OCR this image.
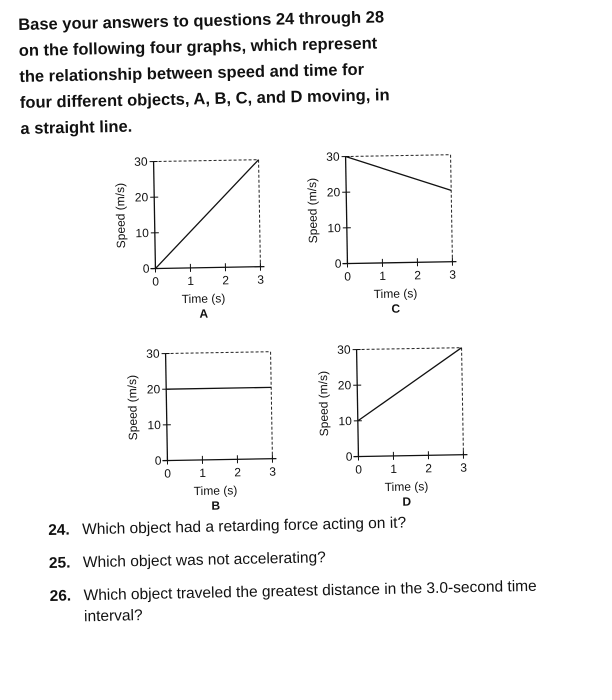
Base your answers to questions 24 through 28
on the following four graphs, which represent
the relationship between speed and time for
four different objects, A, B, C, and D moving, in
a straight line.
0
10
20
30
0 1 2 3
Speed (m/s)
Time (s)
A
0
10
20
30
0 1 2 3
Speed (m/s)
Time (s)
C
0
10
20
30
0 1 2 3
Speed (m/s)
Time (s)
B
0
10
20
30
0 1 2 3
Speed (m/s)
Time (s)
D
24. Which object had a retarding force acting on it?
25. Which object was not accelerating?
26. Which object traveled the greatest distance in the 3.0-second time interval?
